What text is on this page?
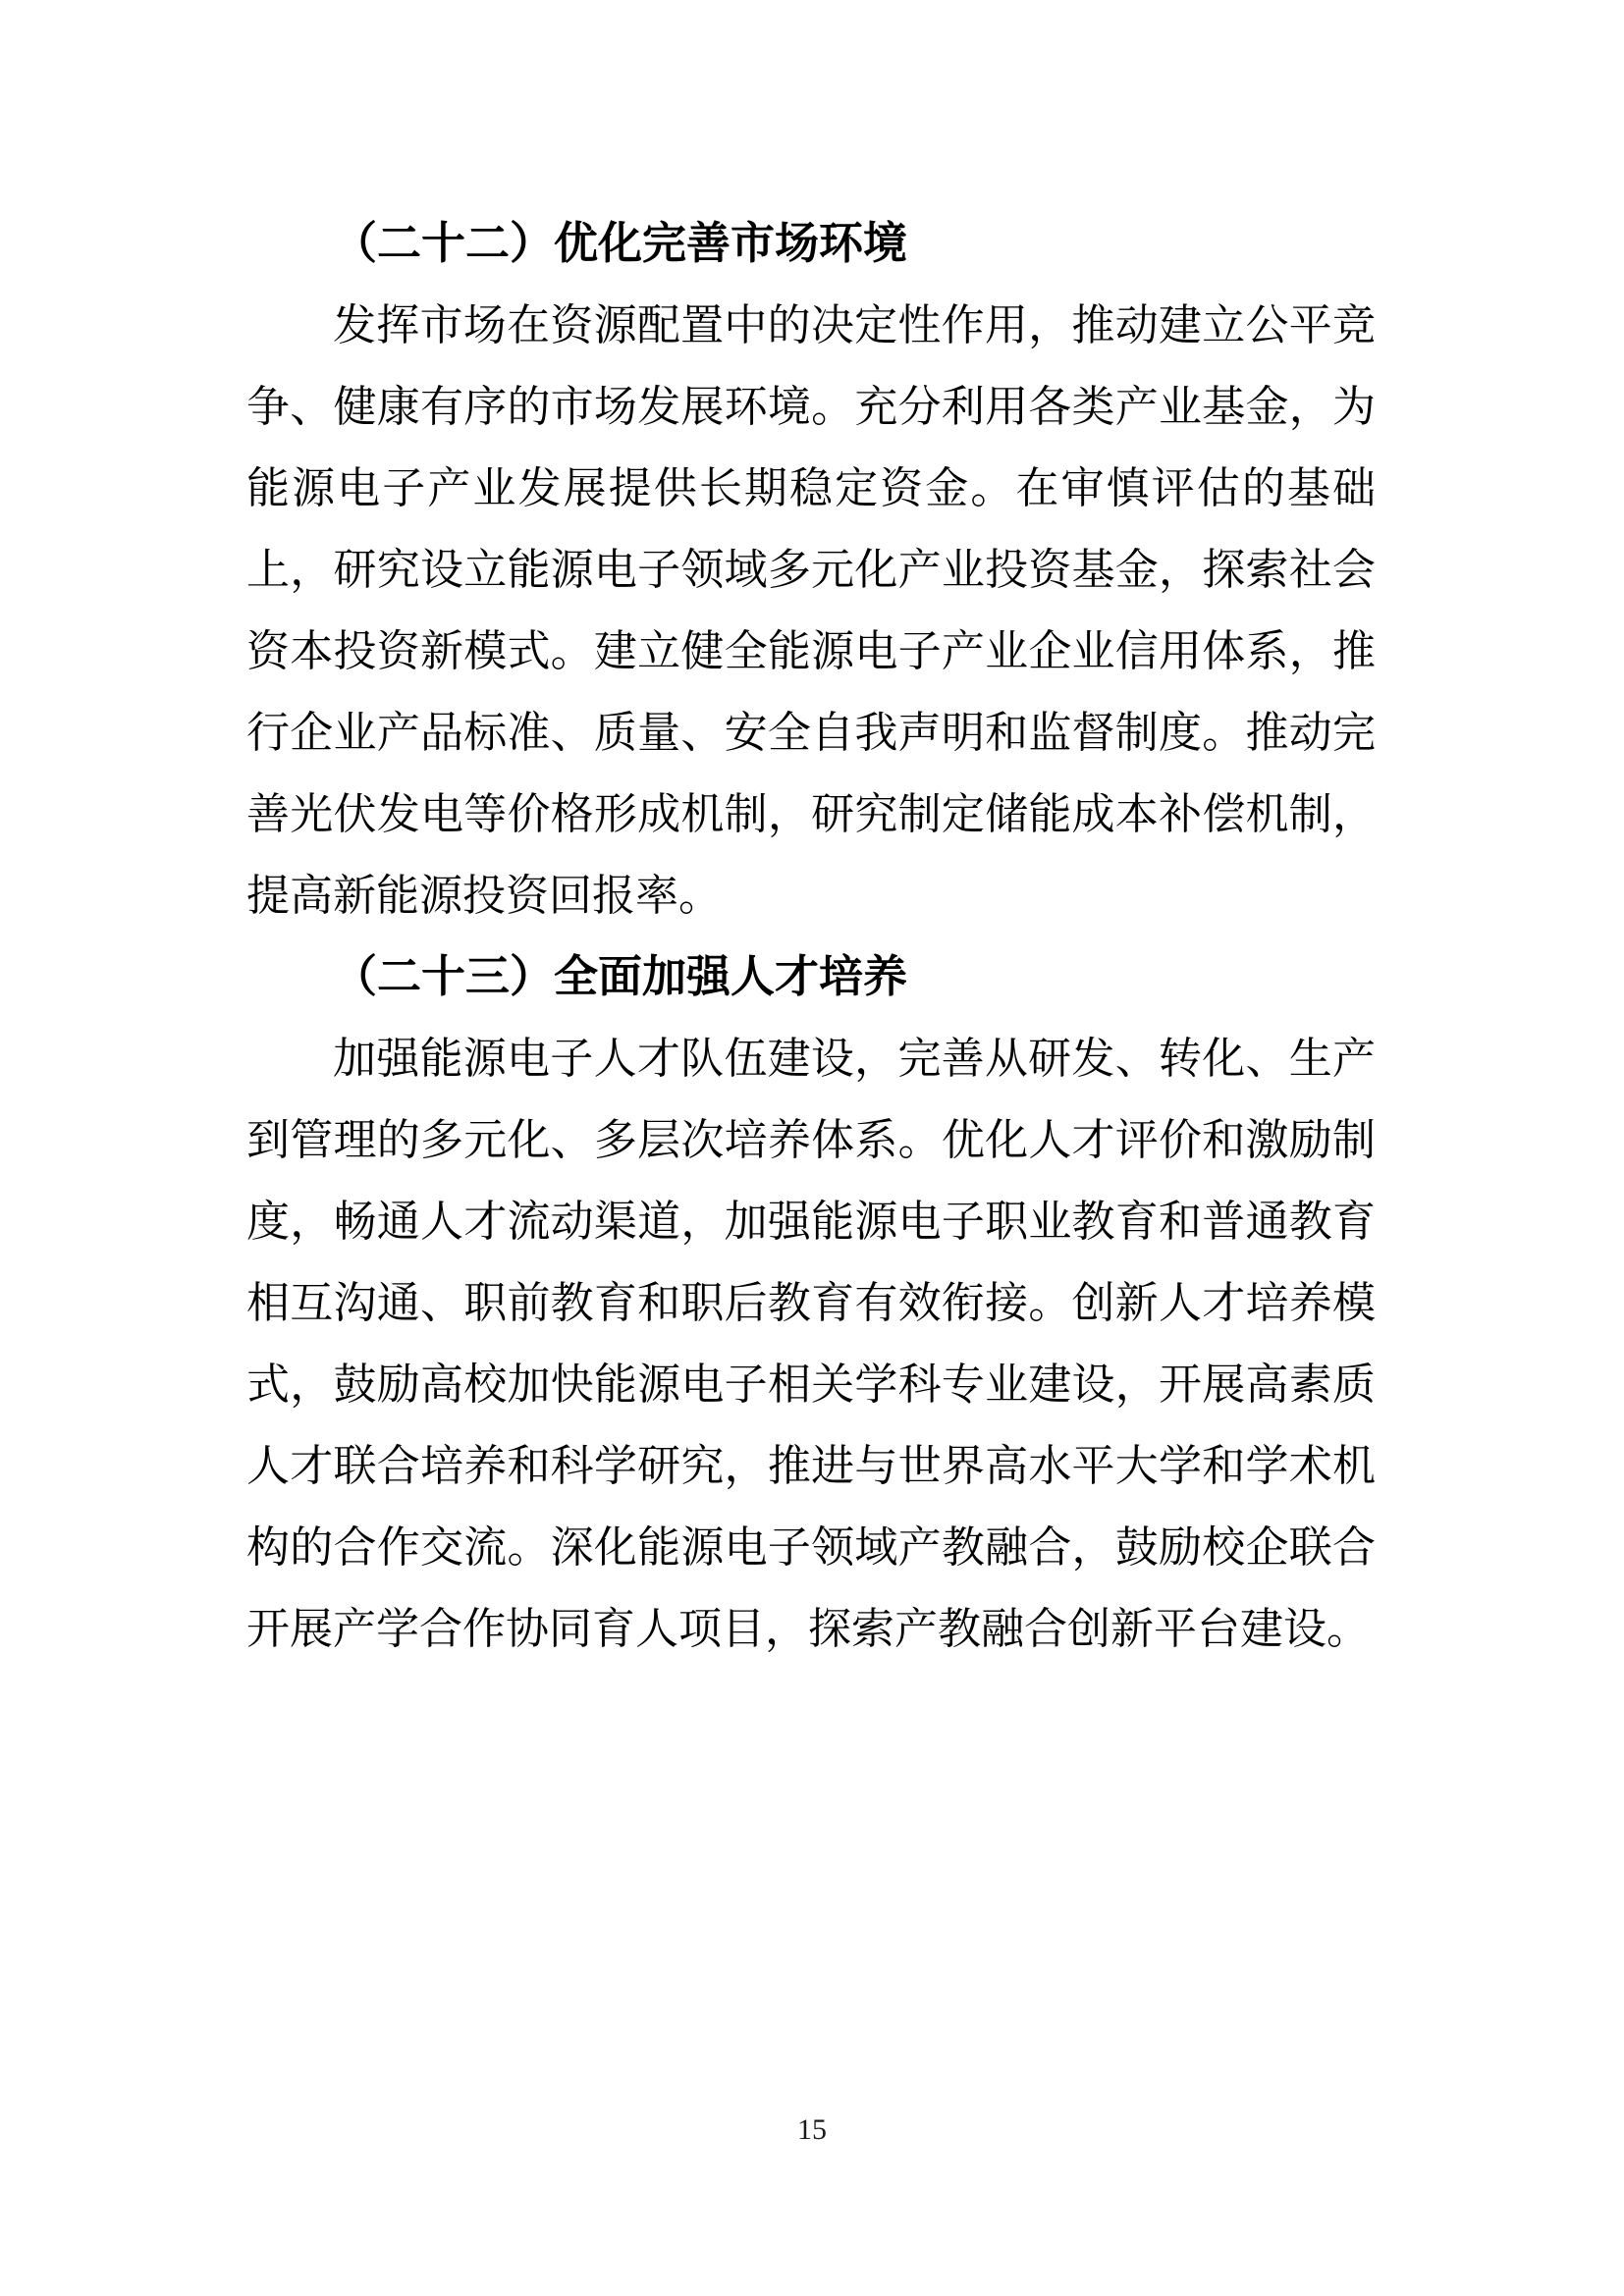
（二十二）优化完善市场环境
发挥市场在资源配置中的决定性作用，推动建立公平竞
争、健康有序的市场发展环境。充分利用各类产业基金，为
能源电子产业发展提供长期稳定资金。在审慎评估的基础
上，研究设立能源电子领域多元化产业投资基金，探索社会
资本投资新模式。建立健全能源电子产业企业信用体系，推
行企业产品标准、质量、安全自我声明和监督制度。推动完
善光伏发电等价格形成机制，研究制定储能成本补偿机制，
提高新能源投资回报率。
（二十三）全面加强人才培养
加强能源电子人才队伍建设，完善从研发、转化、生产
到管理的多元化、多层次培养体系。优化人才评价和激励制
度，畅通人才流动渠道，加强能源电子职业教育和普通教育
相互沟通、职前教育和职后教育有效衔接。创新人才培养模
式，鼓励高校加快能源电子相关学科专业建设，开展高素质
人才联合培养和科学研究，推进与世界高水平大学和学术机
构的合作交流。深化能源电子领域产教融合，鼓励校企联合
开展产学合作协同育人项目，探索产教融合创新平台建设。
15
